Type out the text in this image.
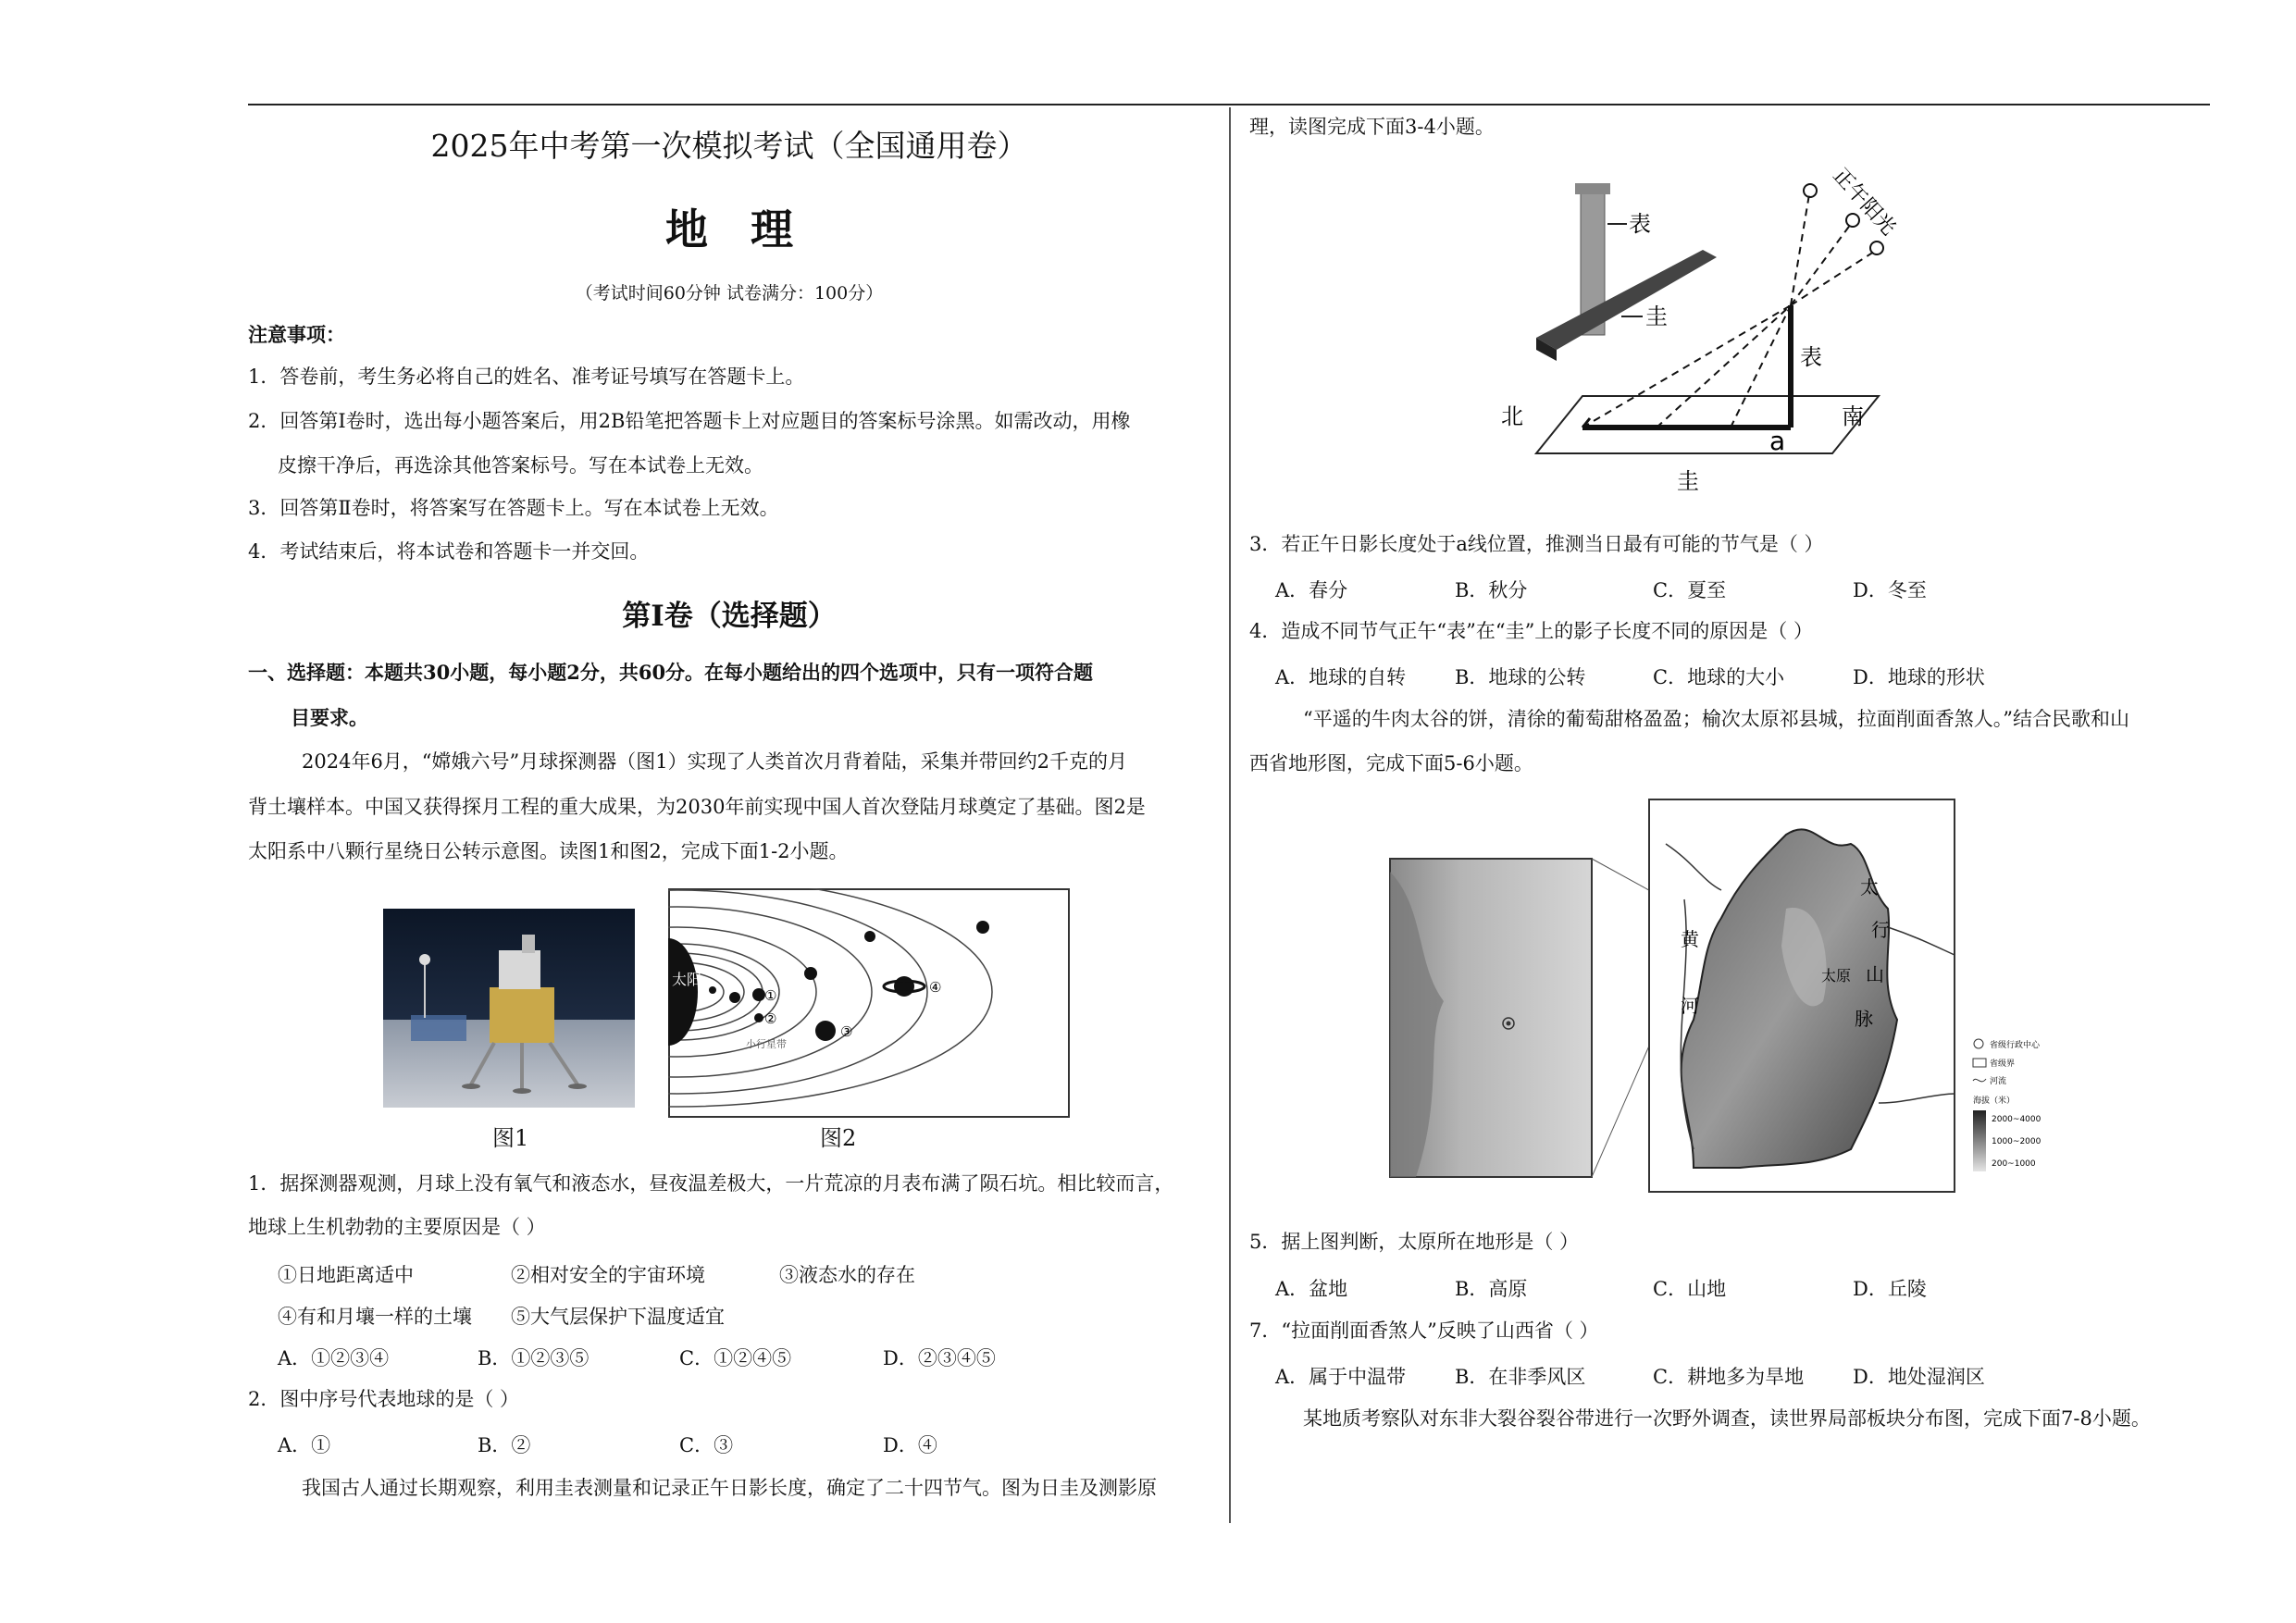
2025年中考第一次模拟考试（全国通用卷）
地　理
（考试时间60分钟 试卷满分：100分）
注意事项：
1．答卷前，考生务必将自己的姓名、准考证号填写在答题卡上。
2．回答第Ⅰ卷时，选出每小题答案后，用2B铅笔把答题卡上对应题目的答案标号涂黑。如需改动，用橡
皮擦干净后，再选涂其他答案标号。写在本试卷上无效。
3．回答第Ⅱ卷时，将答案写在答题卡上。写在本试卷上无效。
4．考试结束后，将本试卷和答题卡一并交回。
第Ⅰ卷（选择题）
一、选择题：本题共30小题，每小题2分，共60分。在每小题给出的四个选项中，只有一项符合题
目要求。
2024年6月，“嫦娥六号”月球探测器（图1）实现了人类首次月背着陆，采集并带回约2千克的月
背土壤样本。中国又获得探月工程的重大成果，为2030年前实现中国人首次登陆月球奠定了基础。图2是
太阳系中八颗行星绕日公转示意图。读图1和图2，完成下面1-2小题。
图1
太阳
①
②
③
④
小行星带
图2
1．据探测器观测，月球上没有氧气和液态水，昼夜温差极大，一片荒凉的月表布满了陨石坑。相比较而言，
地球上生机勃勃的主要原因是（ ）
①日地距离适中	②相对安全的宇宙环境	③液态水的存在
④有和月壤一样的土壤 ⑤大气层保护下温度适宜
A．①②③④	B．①②③⑤	C．①②④⑤	D．②③④⑤
2．图中序号代表地球的是（ ）
A．①	B．②	C．③	D．④
我国古人通过长期观察，利用圭表测量和记录正午日影长度，确定了二十四节气。图为日圭及测影原
理，读图完成下面3-4小题。
表
圭
表
北	南
a
圭
正午阳光
3．若正午日影长度处于a线位置，推测当日最有可能的节气是（ ）
A．春分	B．秋分	C．夏至	D．冬至
4．造成不同节气正午“表”在“圭”上的影子长度不同的原因是（ ）
A．地球的自转	B．地球的公转	C．地球的大小	D．地球的形状
“平遥的牛肉太谷的饼，清徐的葡萄甜格盈盈；榆次太原祁县城，拉面削面香煞人。”结合民歌和山
西省地形图，完成下面5-6小题。
黄
河
太
行
山
脉
太原
省级行政中心
省级界
河流
海拔（米）
2000~4000
1000~2000
200~1000
5．据上图判断，太原所在地形是（ ）
A．盆地	B．高原	C．山地	D．丘陵
7．“拉面削面香煞人”反映了山西省（ ）
A．属于中温带	B．在非季风区	C．耕地多为旱地	D．地处湿润区
某地质考察队对东非大裂谷裂谷带进行一次野外调查，读世界局部板块分布图，完成下面7-8小题。
